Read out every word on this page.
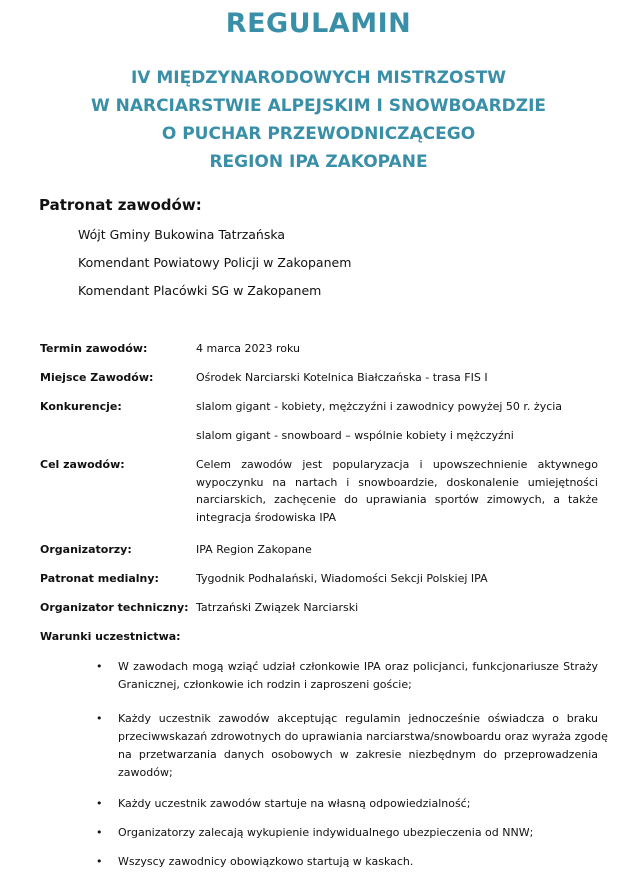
REGULAMIN
IV MIĘDZYNARODOWYCH MISTRZOSTW
W NARCIARSTWIE ALPEJSKIM I SNOWBOARDZIE
O PUCHAR PRZEWODNICZĄCEGO
REGION IPA ZAKOPANE
Patronat zawodów:
Wójt Gminy Bukowina Tatrzańska
Komendant Powiatowy Policji w Zakopanem
Komendant Placówki SG w Zakopanem
Termin zawodów:	4 marca 2023 roku
Miejsce Zawodów:	Ośrodek Narciarski Kotelnica Białczańska - trasa FIS I
Konkurencje:	slalom gigant - kobiety, mężczyźni i zawodnicy powyżej 50 r. życia
slalom gigant - snowboard – wspólnie kobiety i mężczyźni
Cel zawodów:	Celem zawodów jest popularyzacja i upowszechnienie aktywnego
wypoczynku na nartach i snowboardzie, doskonalenie umiejętności
narciarskich, zachęcenie do uprawiania sportów zimowych, a także
integracja środowiska IPA
Organizatorzy:	IPA Region Zakopane
Patronat medialny:	Tygodnik Podhalański, Wiadomości Sekcji Polskiej IPA
Organizator techniczny: Tatrzański Związek Narciarski
Warunki uczestnictwa:
• W zawodach mogą wziąć udział członkowie IPA oraz policjanci, funkcjonariusze Straży
Granicznej, członkowie ich rodzin i zaproszeni goście;
• Każdy uczestnik zawodów akceptując regulamin jednocześnie oświadcza o braku
przeciwwskazań zdrowotnych do uprawiania narciarstwa/snowboardu oraz wyraża zgodę
na przetwarzania danych osobowych w zakresie niezbędnym do przeprowadzenia
zawodów;
• Każdy uczestnik zawodów startuje na własną odpowiedzialność;
• Organizatorzy zalecają wykupienie indywidualnego ubezpieczenia od NNW;
• Wszyscy zawodnicy obowiązkowo startują w kaskach.
